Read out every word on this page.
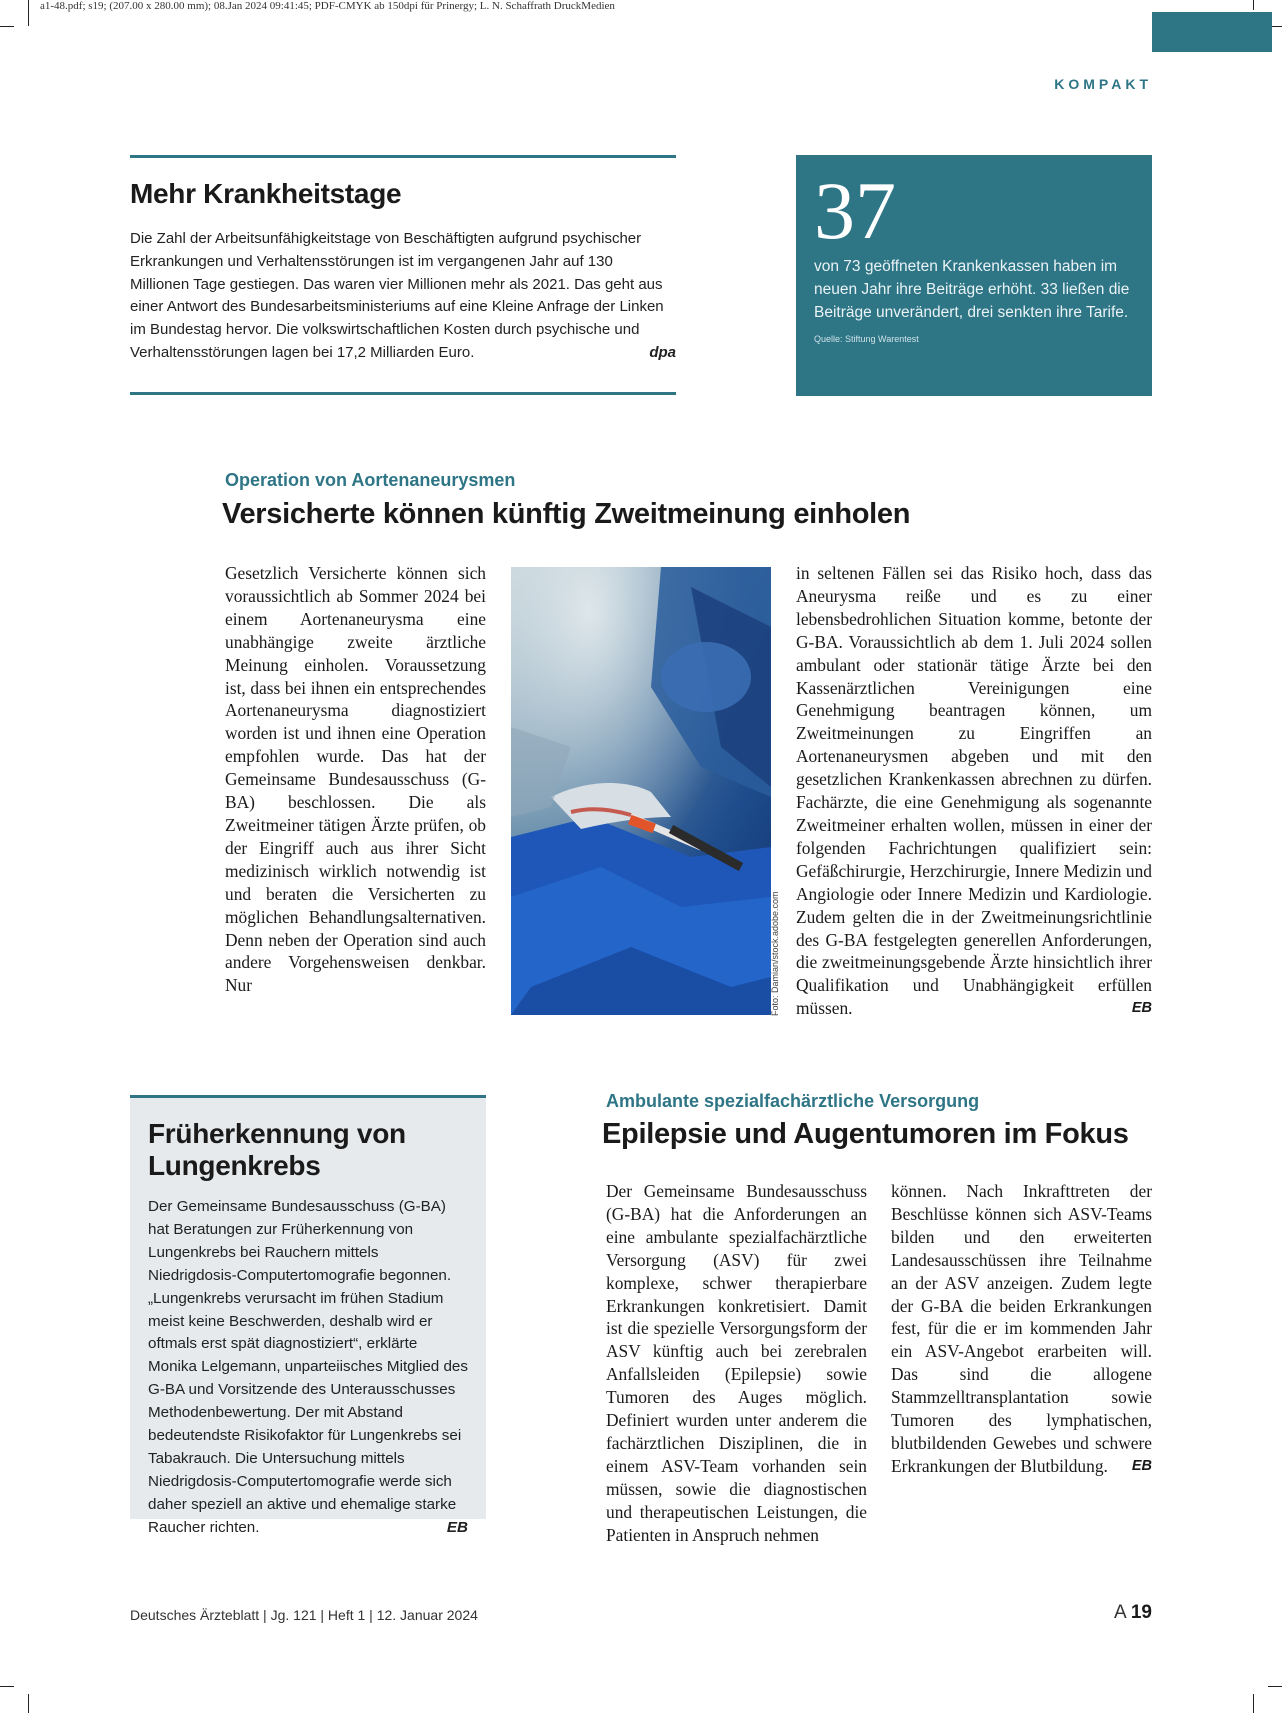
a1-48.pdf; s19; (207.00 x 280.00 mm); 08.Jan 2024 09:41:45; PDF-CMYK ab 150dpi für Prinergy; L. N. Schaffrath DruckMedien
KOMPAKT
Mehr Krankheitstage
Die Zahl der Arbeitsunfähigkeitstage von Beschäftigten aufgrund psychischer Erkrankungen und Verhaltensstörungen ist im vergangenen Jahr auf 130 Millionen Tage gestiegen. Das waren vier Millionen mehr als 2021. Das geht aus einer Antwort des Bundesarbeitsministeriums auf eine Kleine Anfrage der Linken im Bundestag hervor. Die volkswirtschaftlichen Kosten durch psychische und Verhaltensstörungen lagen bei 17,2 Milliarden Euro.	dpa
37
von 73 geöffneten Krankenkassen haben im neuen Jahr ihre Beiträge erhöht. 33 ließen die Beiträge unverändert, drei senkten ihre Tarife.
Quelle: Stiftung Warentest
Operation von Aortenaneurysmen
Versicherte können künftig Zweitmeinung einholen
Gesetzlich Versicherte können sich voraussichtlich ab Sommer 2024 bei einem Aortenaneurysma eine unabhängige zweite ärztliche Meinung einholen. Voraussetzung ist, dass bei ihnen ein entsprechendes Aortenaneurysma diagnostiziert worden ist und ihnen eine Operation empfohlen wurde. Das hat der Gemeinsame Bundesausschuss (G-BA) beschlossen. Die als Zweitmeiner tätigen Ärzte prüfen, ob der Eingriff auch aus ihrer Sicht medizinisch wirklich notwendig ist und beraten die Versicherten zu möglichen Behandlungsalternativen. Denn neben der Operation sind auch andere Vorgehensweisen denkbar. Nur	Foto: Damian/stock.adobe.com
in seltenen Fällen sei das Risiko hoch, dass das Aneurysma reiße und es zu einer lebensbedrohlichen Situation komme, betonte der G-BA. Voraussichtlich ab dem 1. Juli 2024 sollen ambulant oder stationär tätige Ärzte bei den Kassenärztlichen Vereinigungen eine Genehmigung beantragen können, um Zweitmeinungen zu Eingriffen an Aortenaneurysmen abgeben und mit den gesetzlichen Krankenkassen abrechnen zu dürfen. Fachärzte, die eine Genehmigung als sogenannte Zweitmeiner erhalten wollen, müssen in einer der folgenden Fachrichtungen qualifiziert sein: Gefäßchirurgie, Herzchirurgie, Innere Medizin und Angiologie oder Innere Medizin und Kardiologie. Zudem gelten die in der Zweitmeinungsrichtlinie des G-BA festgelegten generellen Anforderungen, die zweitmeinungsgebende Ärzte hinsichtlich ihrer Qualifikation und Unabhängigkeit erfüllen müssen.	EB
Früherkennung von Lungenkrebs
Der Gemeinsame Bundesausschuss (G-BA) hat Beratungen zur Früherkennung von Lungenkrebs bei Rauchern mittels Niedrigdosis-Computertomografie begonnen. „Lungenkrebs verursacht im frühen Stadium meist keine Beschwerden, deshalb wird er oftmals erst spät diagnostiziert“, erklärte Monika Lelgemann, unparteiisches Mitglied des G-BA und Vorsitzende des Unterausschusses Methodenbewertung. Der mit Abstand bedeutendste Risikofaktor für Lungenkrebs sei Tabakrauch. Die Untersuchung mittels Niedrigdosis-Computertomografie werde sich daher speziell an aktive und ehemalige starke Raucher richten.	EB
Ambulante spezialfachärztliche Versorgung
Epilepsie und Augentumoren im Fokus
Der Gemeinsame Bundesausschuss (G-BA) hat die Anforderungen an eine ambulante spezialfachärztliche Versorgung (ASV) für zwei komplexe, schwer therapierbare Erkrankungen konkretisiert. Damit ist die spezielle Versorgungsform der ASV künftig auch bei zerebralen Anfallsleiden (Epilepsie) sowie Tumoren des Auges möglich. Definiert wurden unter anderem die fachärztlichen Disziplinen, die in einem ASV-Team vorhanden sein müssen, sowie die diagnostischen und therapeutischen Leistungen, die Patienten in Anspruch nehmen
können. Nach Inkrafttreten der Beschlüsse können sich ASV-Teams bilden und den erweiterten Landesausschüssen ihre Teilnahme an der ASV anzeigen. Zudem legte der G-BA die beiden Erkrankungen fest, für die er im kommenden Jahr ein ASV-Angebot erarbeiten will. Das sind die allogene Stammzelltransplantation sowie Tumoren des lymphatischen, blutbildenden Gewebes und schwere Erkrankungen der Blutbildung. EB
Deutsches Ärzteblatt | Jg. 121 | Heft 1 | 12. Januar 2024	A 19
